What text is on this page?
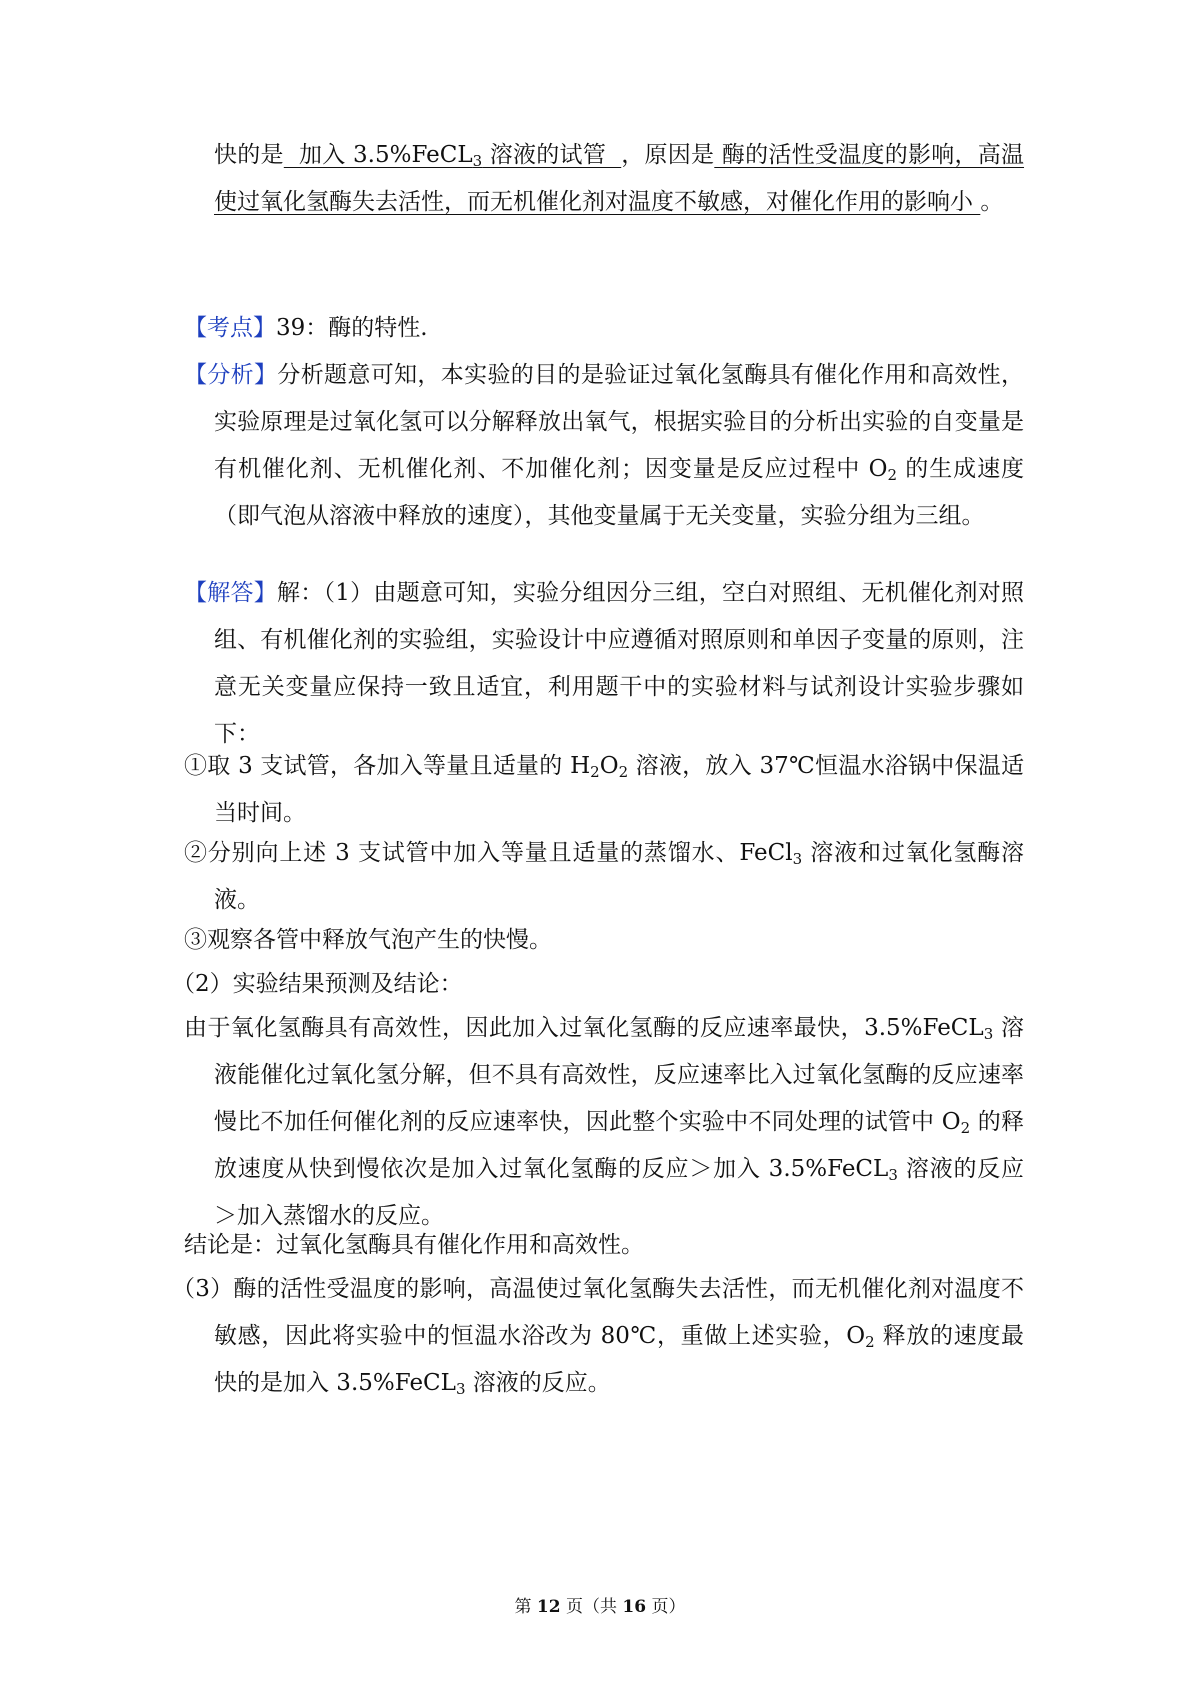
快的是  加入 3.5%FeCL$_3$ 溶液的试管  ，原因是 酶的活性受温度的影响，高温使过氧化氢酶失去活性，而无机催化剂对温度不敏感，对催化作用的影响小 。
【考点】39：酶的特性.
【分析】分析题意可知，本实验的目的是验证过氧化氢酶具有催化作用和高效性，实验原理是过氧化氢可以分解释放出氧气，根据实验目的分析出实验的自变量是有机催化剂、无机催化剂、不加催化剂；因变量是反应过程中 $O_2$ 的生成速度（即气泡从溶液中释放的速度），其他变量属于无关变量，实验分组为三组。
【解答】解：（1）由题意可知，实验分组因分三组，空白对照组、无机催化剂对照组、有机催化剂的实验组，实验设计中应遵循对照原则和单因子变量的原则，注意无关变量应保持一致且适宜，利用题干中的实验材料与试剂设计实验步骤如下：
①取 3 支试管，各加入等量且适量的 $H_2O_2$ 溶液，放入 37℃恒温水浴锅中保温适当时间。
②分别向上述 3 支试管中加入等量且适量的蒸馏水、FeCl$_3$ 溶液和过氧化氢酶溶液。
③观察各管中释放气泡产生的快慢。
（2）实验结果预测及结论：
由于氧化氢酶具有高效性，因此加入过氧化氢酶的反应速率最快，3.5%FeCL$_3$ 溶液能催化过氧化氢分解，但不具有高效性，反应速率比入过氧化氢酶的反应速率慢比不加任何催化剂的反应速率快，因此整个实验中不同处理的试管中 $O_2$ 的释放速度从快到慢依次是加入过氧化氢酶的反应＞加入 3.5%FeCL$_3$ 溶液的反应＞加入蒸馏水的反应。
结论是：过氧化氢酶具有催化作用和高效性。
（3）酶的活性受温度的影响，高温使过氧化氢酶失去活性，而无机催化剂对温度不敏感，因此将实验中的恒温水浴改为 80℃，重做上述实验，$O_2$ 释放的速度最快的是加入 3.5%FeCL$_3$ 溶液的反应。
第 12 页（共 16 页）
